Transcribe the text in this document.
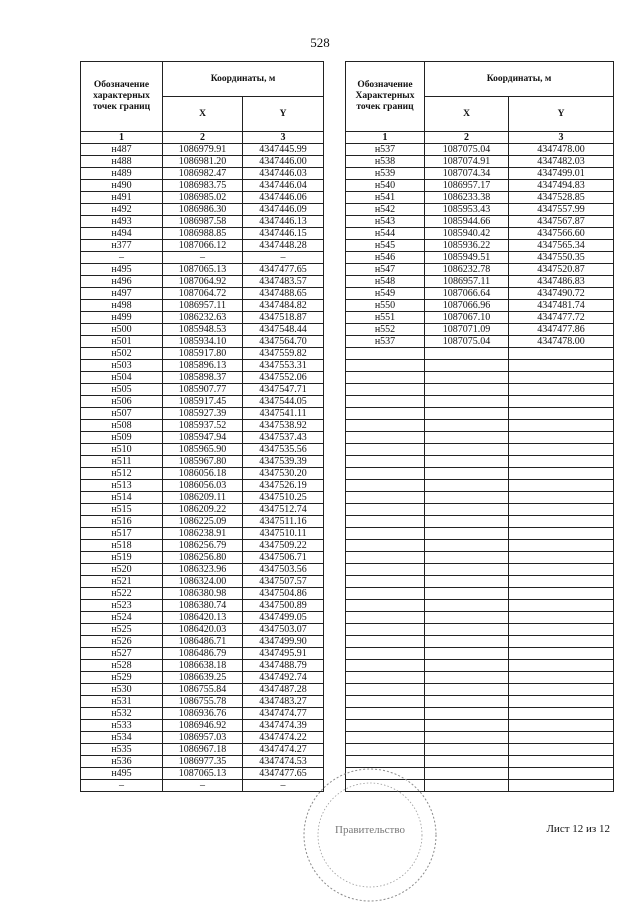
528
Обозначение характерных точек границ	Координаты, м			Обозначение Характерных точек границ	Координаты, м	
	X	Y			X	Y
1	2	3		1	2	3
н487	1086979.91	4347445.99		н537	1087075.04	4347478.00
н488	1086981.20	4347446.00		н538	1087074.91	4347482.03
н489	1086982.47	4347446.03		н539	1087074.34	4347499.01
н490	1086983.75	4347446.04		н540	1086957.17	4347494.83
н491	1086985.02	4347446.06		н541	1086233.38	4347528.85
н492	1086986.30	4347446.09		н542	1085953.43	4347557.99
н493	1086987.58	4347446.13		н543	1085944.66	4347567.87
н494	1086988.85	4347446.15		н544	1085940.42	4347566.60
н377	1087066.12	4347448.28		н545	1085936.22	4347565.34
–	–	–		н546	1085949.51	4347550.35
н495	1087065.13	4347477.65		н547	1086232.78	4347520.87
н496	1087064.92	4347483.57		н548	1086957.11	4347486.83
н497	1087064.72	4347488.65		н549	1087066.64	4347490.72
н498	1086957.11	4347484.82		н550	1087066.96	4347481.74
н499	1086232.63	4347518.87		н551	1087067.10	4347477.72
н500	1085948.53	4347548.44		н552	1087071.09	4347477.86
н501	1085934.10	4347564.70		н537	1087075.04	4347478.00
н502	1085917.80	4347559.82				
н503	1085896.13	4347553.31				
н504	1085898.37	4347552.06				
н505	1085907.77	4347547.71				
н506	1085917.45	4347544.05				
н507	1085927.39	4347541.11				
н508	1085937.52	4347538.92				
н509	1085947.94	4347537.43				
н510	1085965.90	4347535.56				
н511	1085967.80	4347539.39				
н512	1086056.18	4347530.20				
н513	1086056.03	4347526.19				
н514	1086209.11	4347510.25				
н515	1086209.22	4347512.74				
н516	1086225.09	4347511.16				
н517	1086238.91	4347510.11				
н518	1086256.79	4347509.22				
н519	1086256.80	4347506.71				
н520	1086323.96	4347503.56				
н521	1086324.00	4347507.57				
н522	1086380.98	4347504.86				
н523	1086380.74	4347500.89				
н524	1086420.13	4347499.05				
н525	1086420.03	4347503.07				
н526	1086486.71	4347499.90				
н527	1086486.79	4347495.91				
н528	1086638.18	4347488.79				
н529	1086639.25	4347492.74				
н530	1086755.84	4347487.28				
н531	1086755.78	4347483.27				
н532	1086936.76	4347474.77				
н533	1086946.92	4347474.39				
н534	1086957.03	4347474.22				
н535	1086967.18	4347474.27				
н536	1086977.35	4347474.53				
н495	1087065.13	4347477.65				
–	–	–				
Правительство	Лист 12 из 12
